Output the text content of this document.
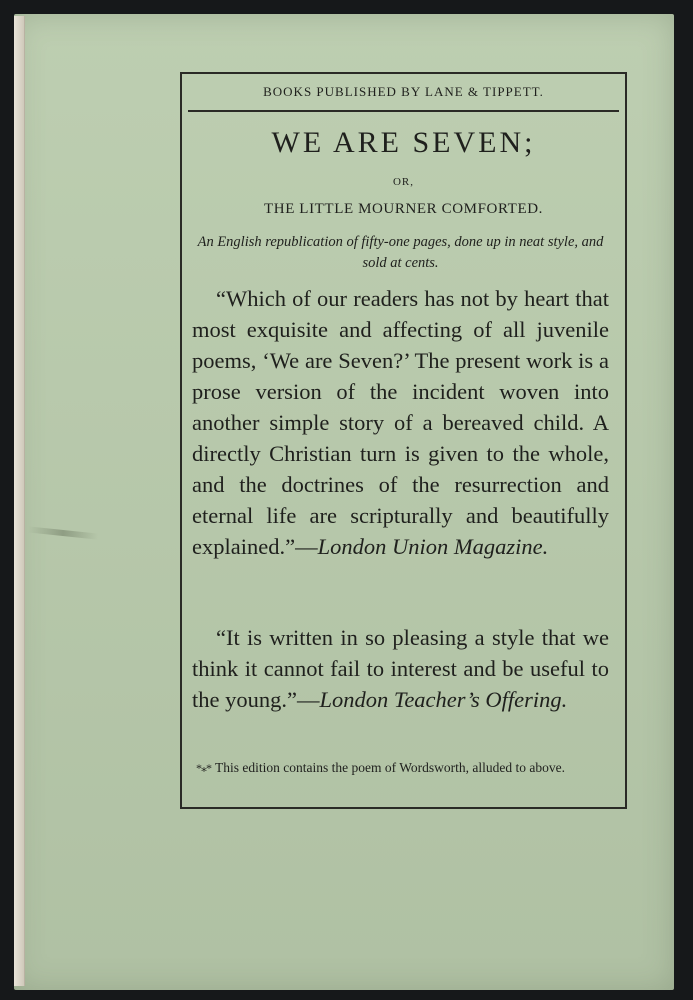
BOOKS PUBLISHED BY LANE & TIPPETT.
WE ARE SEVEN;
OR,
THE LITTLE MOURNER COMFORTED.
An English republication of fifty-one pages, done up in neat style, and sold at cents.
“Which of our readers has not by heart that most exquisite and affecting of all juvenile poems, ‘We are Seven?’ The present work is a prose version of the incident woven into another simple story of a bereaved child. A directly Christian turn is given to the whole, and the doctrines of the resurrection and eternal life are scripturally and beautifully explained.”—London Union Magazine.
“It is written in so pleasing a style that we think it cannot fail to interest and be useful to the young.”—London Teacher’s Offering.
*⁎* This edition contains the poem of Wordsworth, alluded to above.
